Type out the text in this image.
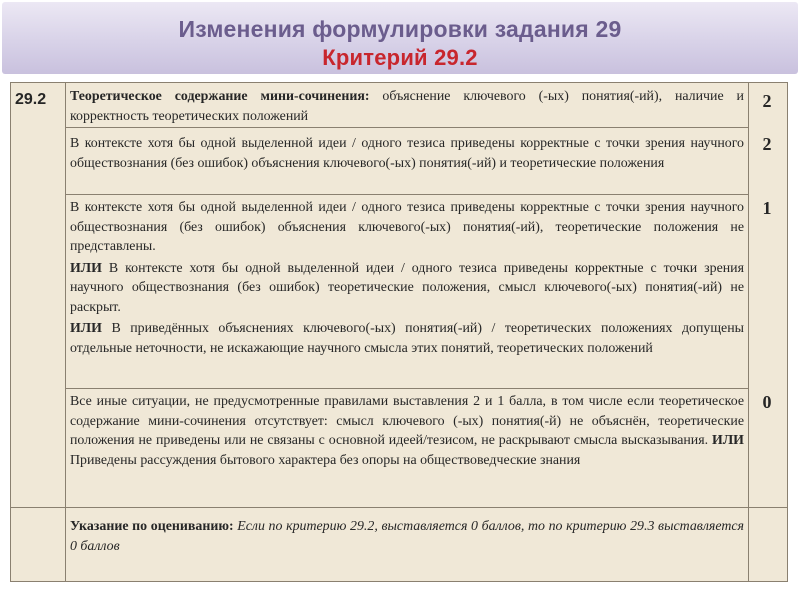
Изменения формулировки задания 29
Критерий 29.2
29.2 Теоретическое содержание мини-сочинения: объяснение ключевого (-ых) понятия(-ий), наличие и корректность теоретических положений
2
В контексте хотя бы одной выделенной идеи / одного тезиса приведены корректные с точки зрения научного обществознания (без ошибок) объяснения ключевого(-ых) понятия(-ий) и теоретические положения
2
В контексте хотя бы одной выделенной идеи / одного тезиса приведены корректные с точки зрения научного обществознания (без ошибок) объяснения ключевого(-ых) понятия(-ий), теоретические положения не представлены.
ИЛИ В контексте хотя бы одной выделенной идеи / одного тезиса приведены корректные с точки зрения научного обществознания (без ошибок) теоретические положения, смысл ключевого(-ых) понятия(-ий) не раскрыт.
ИЛИ В приведённых объяснениях ключевого(-ых) понятия(-ий) / теоретических положениях допущены отдельные неточности, не искажающие научного смысла этих понятий, теоретических положений
1
Все иные ситуации, не предусмотренные правилами выставления 2 и 1 балла, в том числе если теоретическое содержание мини-сочинения отсутствует: смысл ключевого (-ых) понятия(-й) не объяснён, теоретические положения не приведены или не связаны с основной идеей/тезисом, не раскрывают смысла высказывания. ИЛИ Приведены рассуждения бытового характера без опоры на обществоведческие знания
0
Указание по оцениванию: Если по критерию 29.2, выставляется 0 баллов, то по критерию 29.3 выставляется 0 баллов
